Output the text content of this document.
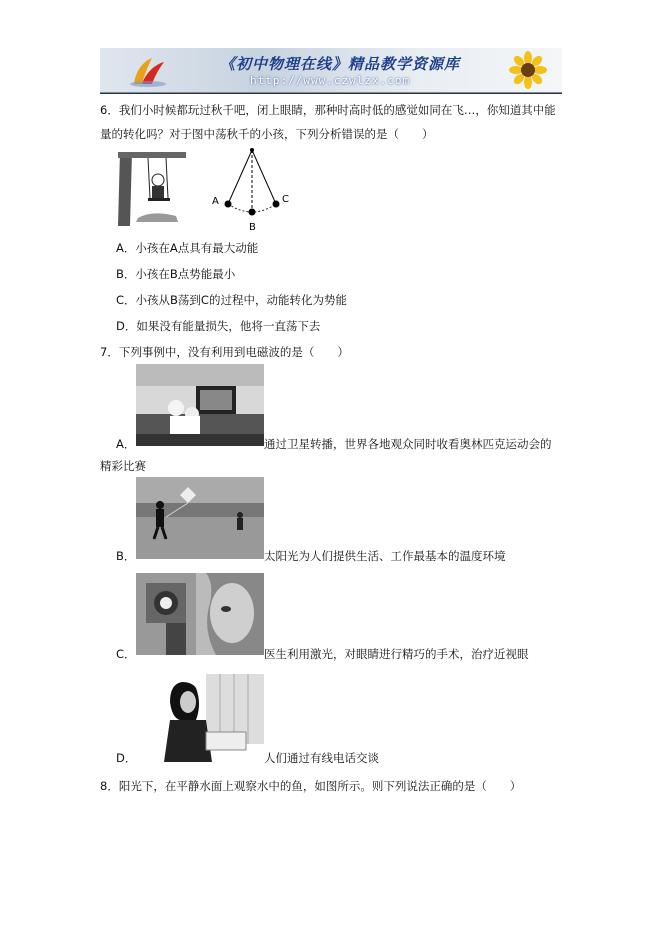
《初中物理在线》精品教学资源库
http://www.czwlzx.com
6．我们小时候都玩过秋千吧，闭上眼睛，那种时高时低的感觉如同在飞…，你知道其中能
量的转化吗？对于图中荡秋千的小孩，下列分析错误的是（　　）
A
B
C
A．小孩在A点具有最大动能
B．小孩在B点势能最小
C．小孩从B荡到C的过程中，动能转化为势能
D．如果没有能量损失，他将一直荡下去
7．下列事例中，没有利用到电磁波的是（　　）
A．	通过卫星转播，世界各地观众同时收看奥林匹克运动会的
精彩比赛
B．	太阳光为人们提供生活、工作最基本的温度环境
C．	医生利用激光，对眼睛进行精巧的手术，治疗近视眼
D．	人们通过有线电话交谈
8．阳光下，在平静水面上观察水中的鱼，如图所示。则下列说法正确的是（　　）
